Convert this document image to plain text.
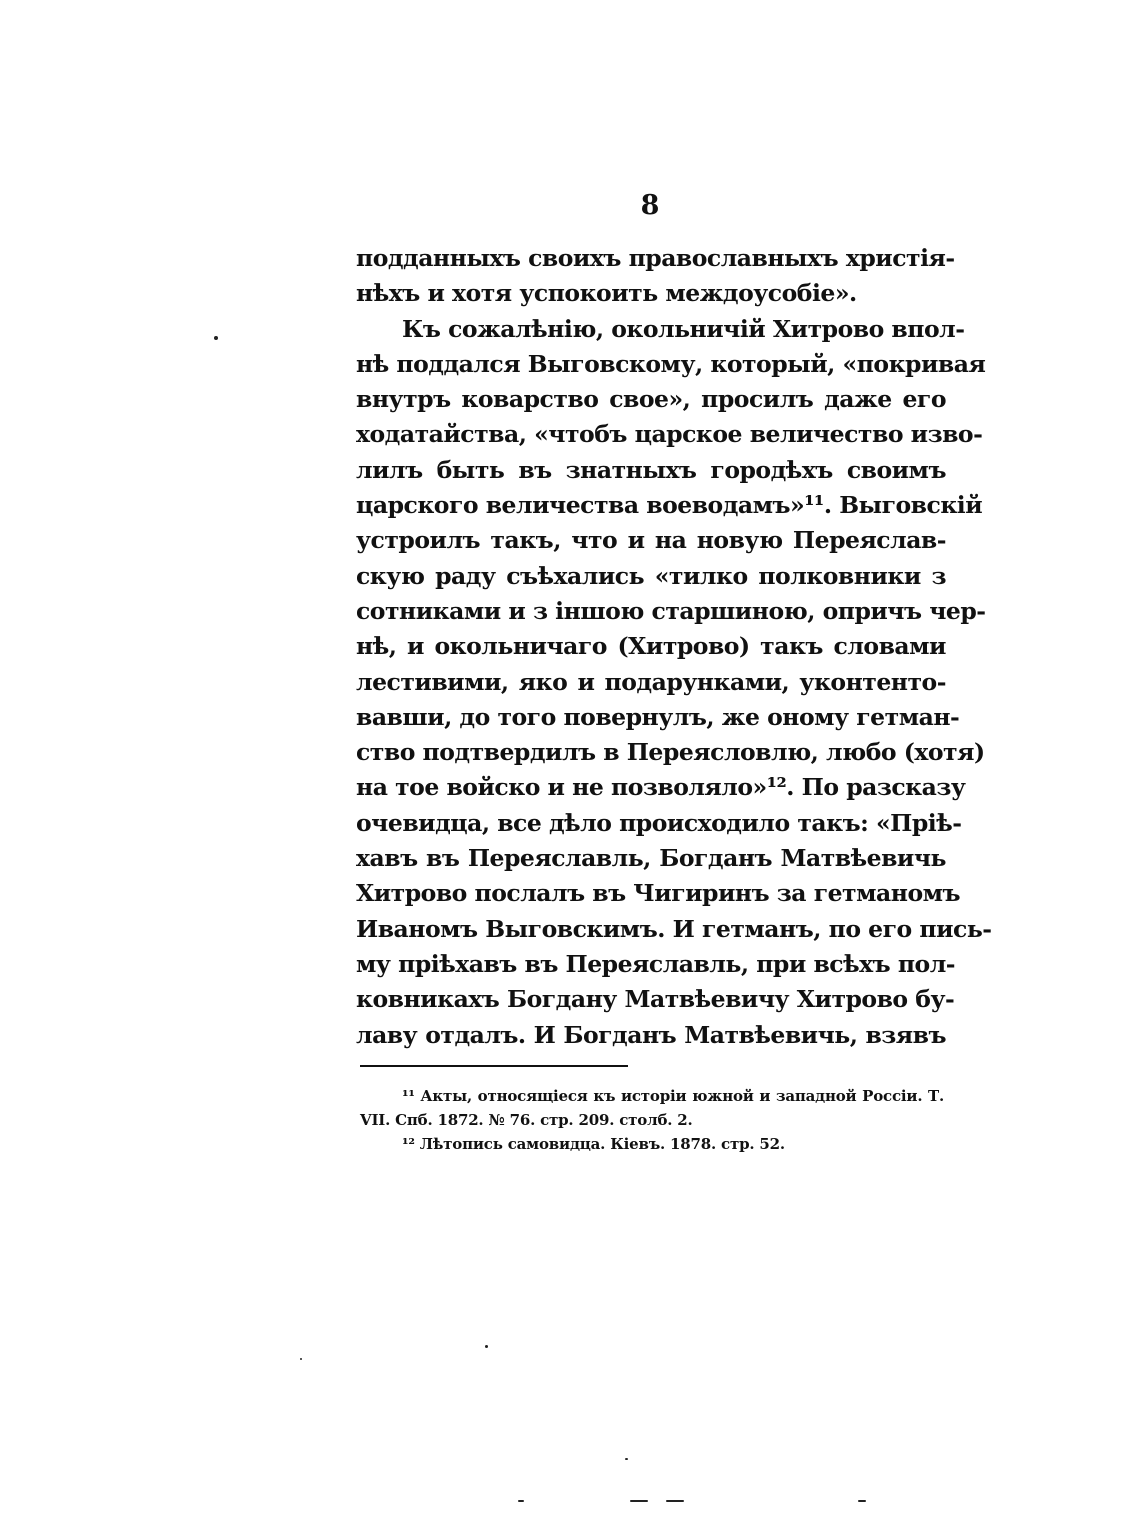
8
подданныхъ своихъ православныхъ христія-
нѣхъ и хотя успокоить междоусобіе».
Къ сожалѣнію, окольничій Хитрово впол-
нѣ поддался Выговскому, который, «покривая
внутръ коварство свое», просилъ даже его
ходатайства, «чтобъ царское величество изво-
лилъ быть въ знатныхъ городѣхъ своимъ
царского величества воеводамъ»¹¹. Выговскій
устроилъ такъ, что и на новую Переяслав-
скую раду съѣхались «тилко полковники з
сотниками и з іншою старшиною, опричъ чер-
нѣ, и окольничаго (Хитрово) такъ словами
лестивими, яко и подарунками, уконтенто-
вавши, до того повернулъ, же оному гетман-
ство подтвердилъ в Переясловлю, любо (хотя)
на тое войско и не позволяло»¹². По разсказу
очевидца, все дѣло происходило такъ: «Пріѣ-
хавъ въ Переяславль, Богданъ Матвѣевичь
Хитрово послалъ въ Чигиринъ за гетманомъ
Иваномъ Выговскимъ. И гетманъ, по его пись-
му пріѣхавъ въ Переяславль, при всѣхъ пол-
ковникахъ Богдану Матвѣевичу Хитрово бу-
лаву отдалъ. И Богданъ Матвѣевичь, взявъ
¹¹ Акты, относящіеся къ исторіи южной и западной Россіи. Т.
VII. Спб. 1872. № 76. стр. 209. столб. 2.
¹² Лѣтопись самовидца. Кіевъ. 1878. стр. 52.
